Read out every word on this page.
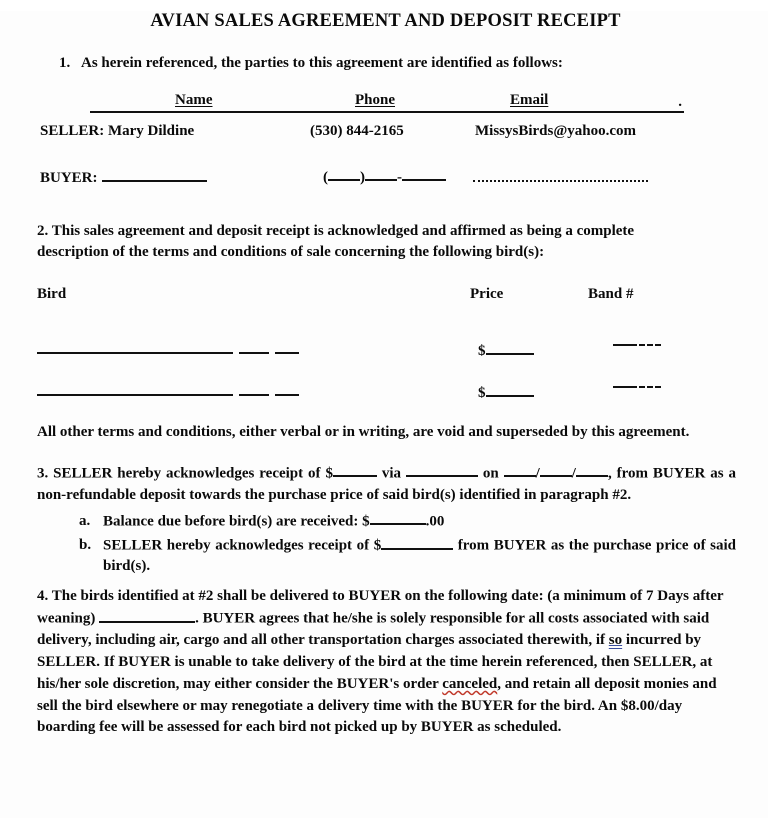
AVIAN SALES AGREEMENT AND DEPOSIT RECEIPT
1. As herein referenced, the parties to this agreement are identified as follows:
Name	Phone	Email	.
SELLER: Mary Dildine	(530) 844-2165	MissysBirds@yahoo.com
BUYER:	( ) -

2. This sales agreement and deposit receipt is acknowledged and affirmed as being a complete description of the terms and conditions of sale concerning the following bird(s):

Bird	Price	Band #
$
$

All other terms and conditions, either verbal or in writing, are void and superseded by this agreement.

3. SELLER hereby acknowledges receipt of $	via	on / / , from BUYER as a non-refundable deposit towards the purchase price of said bird(s) identified in paragraph #2.
a. Balance due before bird(s) are received: $	.00
b. SELLER hereby acknowledges receipt of $	from BUYER as the purchase price of said bird(s).

4. The birds identified at #2 shall be delivered to BUYER on the following date: (a minimum of 7 Days after weaning)	. BUYER agrees that he/she is solely responsible for all costs associated with said delivery, including air, cargo and all other transportation charges associated therewith, if so incurred by SELLER. If BUYER is unable to take delivery of the bird at the time herein referenced, then SELLER, at his/her sole discretion, may either consider the BUYER's order canceled, and retain all deposit monies and sell the bird elsewhere or may renegotiate a delivery time with the BUYER for the bird. An $8.00/day boarding fee will be assessed for each bird not picked up by BUYER as scheduled.
